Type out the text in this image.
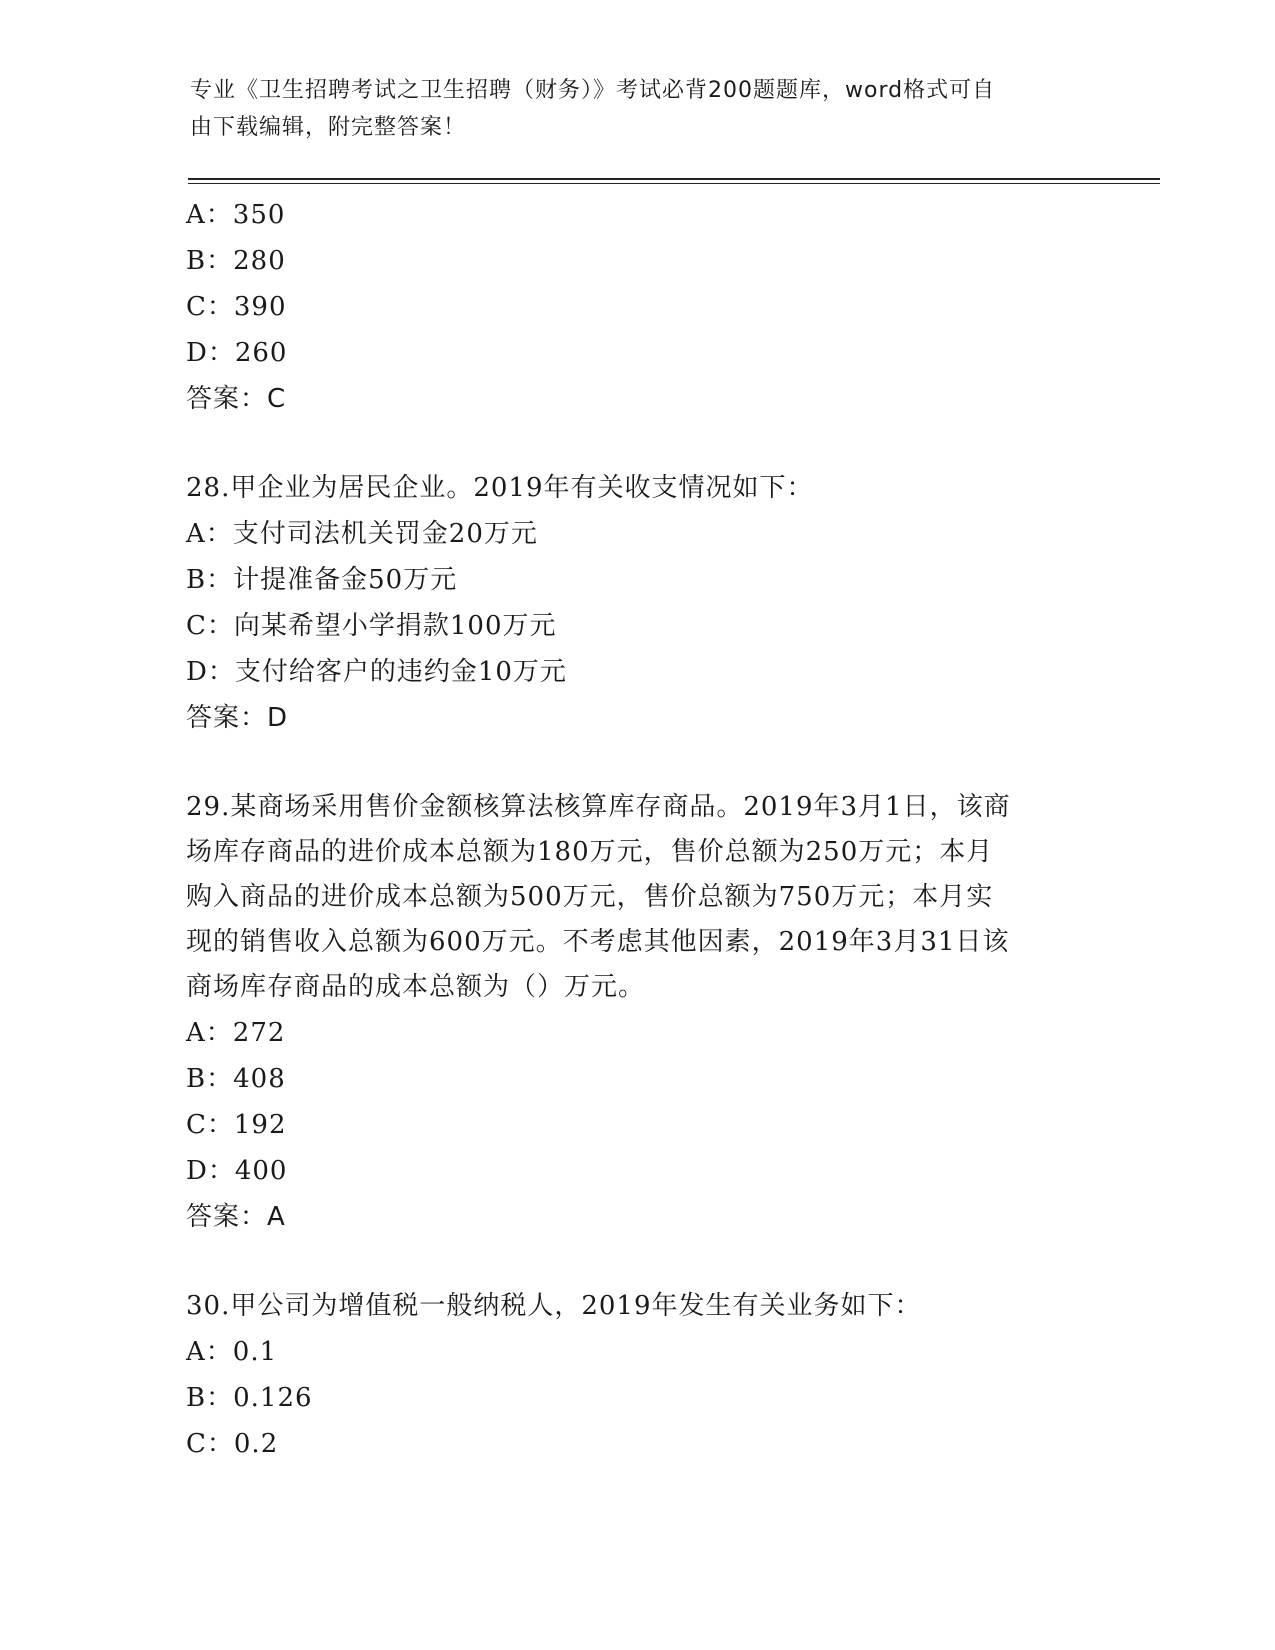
专业《卫生招聘考试之卫生招聘（财务）》考试必背200题题库，word格式可自
由下载编辑，附完整答案！
A：350
B：280
C：390
D：260
答案：C
28.甲企业为居民企业。2019年有关收支情况如下：
A：支付司法机关罚金20万元
B：计提准备金50万元
C：向某希望小学捐款100万元
D：支付给客户的违约金10万元
答案：D
29.某商场采用售价金额核算法核算库存商品。2019年3月1日，该商
场库存商品的进价成本总额为180万元，售价总额为250万元；本月
购入商品的进价成本总额为500万元，售价总额为750万元；本月实
现的销售收入总额为600万元。不考虑其他因素，2019年3月31日该
商场库存商品的成本总额为（）万元。
A：272
B：408
C：192
D：400
答案：A
30.甲公司为增值税一般纳税人，2019年发生有关业务如下：
A：0.1
B：0.126
C：0.2
